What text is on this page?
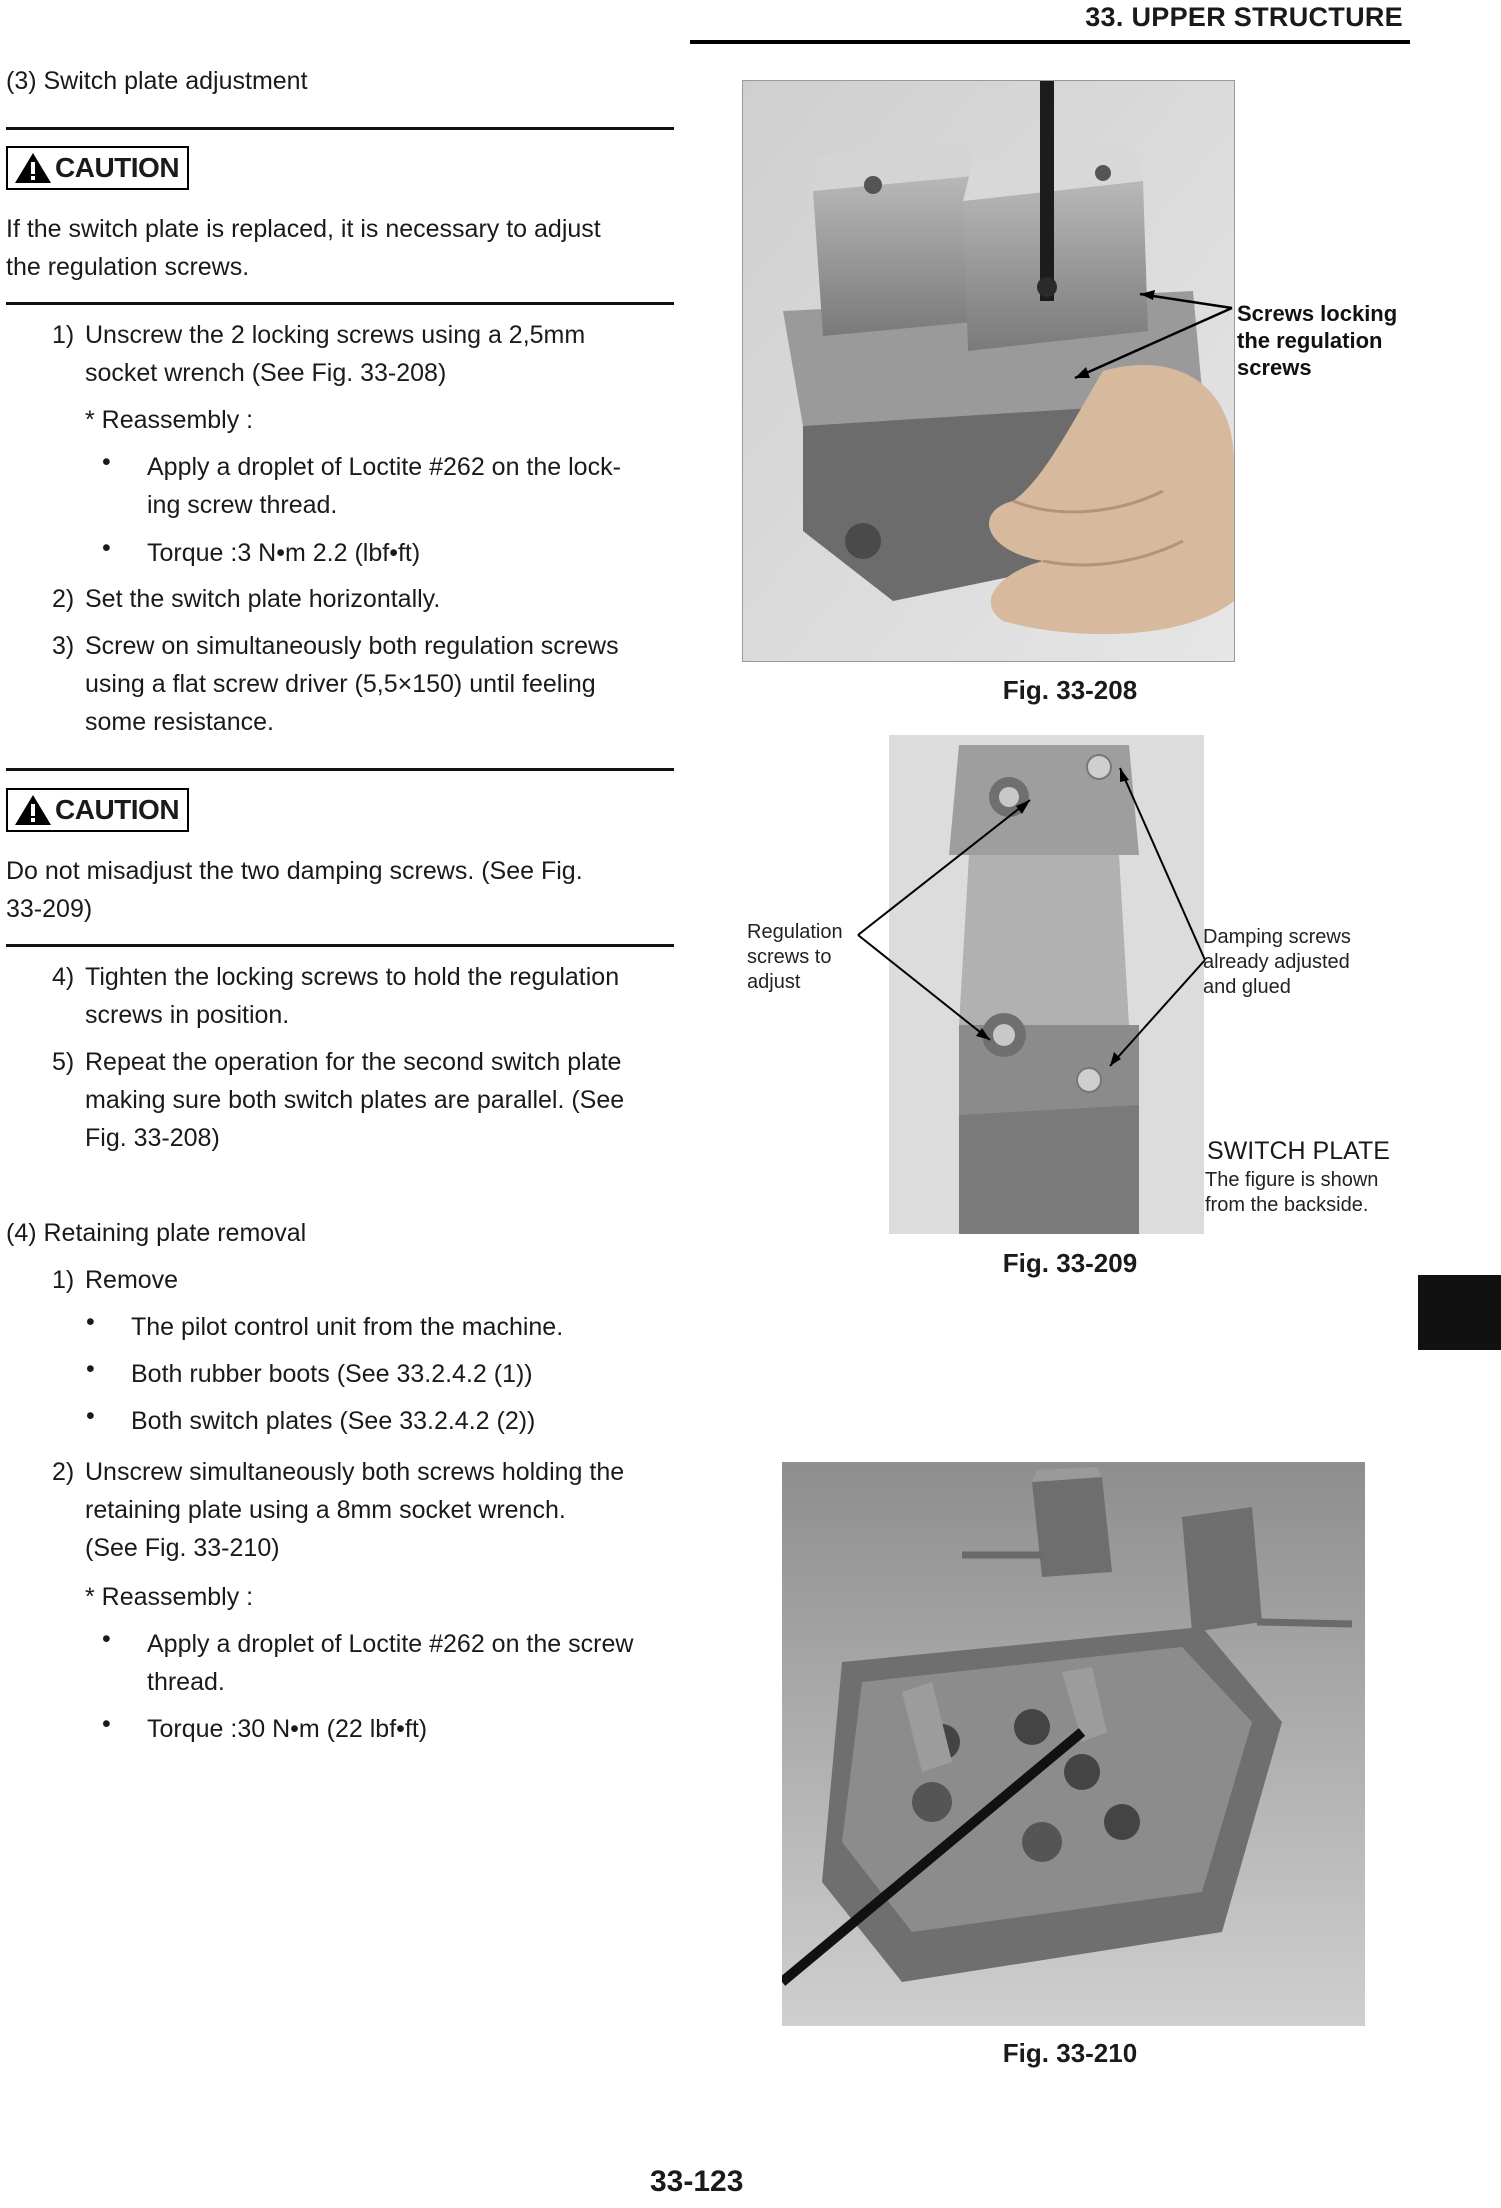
33. UPPER STRUCTURE
(3) Switch plate adjustment
CAUTION
If the switch plate is replaced, it is necessary to adjust
the regulation screws.
1) Unscrew the 2 locking screws using a 2,5mm
socket wrench (See Fig. 33-208)
* Reassembly :
• Apply a droplet of Loctite #262 on the lock-
ing screw thread.
• Torque :3 N•m 2.2 (lbf•ft)
2) Set the switch plate horizontally.
3) Screw on simultaneously both regulation screws
using a flat screw driver (5,5×150) until feeling
some resistance.
CAUTION
Do not misadjust the two damping screws. (See Fig.
33-209)
4) Tighten the locking screws to hold the regulation
screws in position.
5) Repeat the operation for the second switch plate
making sure both switch plates are parallel. (See
Fig. 33-208)
(4) Retaining plate removal
1) Remove
• The pilot control unit from the machine.
• Both rubber boots (See 33.2.4.2 (1))
• Both switch plates (See 33.2.4.2 (2))
2) Unscrew simultaneously both screws holding the
retaining plate using a 8mm socket wrench.
(See Fig. 33-210)
* Reassembly :
• Apply a droplet of Loctite #262 on the screw
thread.
• Torque :30 N•m (22 lbf•ft)
Screws locking
the regulation
screws
Fig. 33-208
Regulation
screws to
adjust
Damping screws
already adjusted
and glued
SWITCH PLATE
The figure is shown
from the backside.
Fig. 33-209
Fig. 33-210
33-123
